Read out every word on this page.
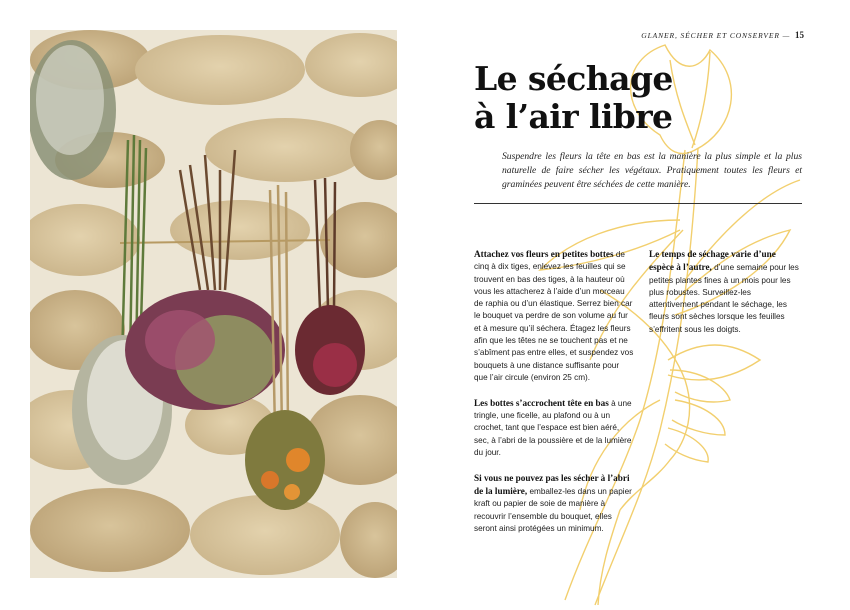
GLANER, SÉCHER ET CONSERVER — 15
Le séchage
à l’air libre

Suspendre les fleurs la tête en bas est la manière la plus simple et la plus naturelle de faire sécher les végétaux. Pratiquement toutes les fleurs et graminées peuvent être séchées de cette manière.

Attachez vos fleurs en petites bottes de cinq à dix tiges, enlevez les feuilles qui se trouvent en bas des tiges, à la hauteur où vous les attacherez à l’aide d’un morceau de raphia ou d’un élastique. Serrez bien car le bouquet va perdre de son volume au fur et à mesure qu’il séchera. Étagez les fleurs afin que les têtes ne se touchent pas et ne s’abîment pas entre elles, et suspendez vos bouquets à une distance suffisante pour que l’air circule (environ 25 cm).

Les bottes s’accrochent tête en bas à une tringle, une ficelle, au plafond ou à un crochet, tant que l’espace est bien aéré, sec, à l’abri de la poussière et de la lumière du jour.

Si vous ne pouvez pas les sécher à l’abri de la lumière, emballez-les dans un papier kraft ou papier de soie de manière à recouvrir l’ensemble du bouquet, elles seront ainsi protégées un minimum.

Le temps de séchage varie d’une espèce à l’autre, d’une semaine pour les petites plantes fines à un mois pour les plus robustes. Surveillez-les attentivement pendant le séchage, les fleurs sont sèches lorsque les feuilles s’effritent sous les doigts.
